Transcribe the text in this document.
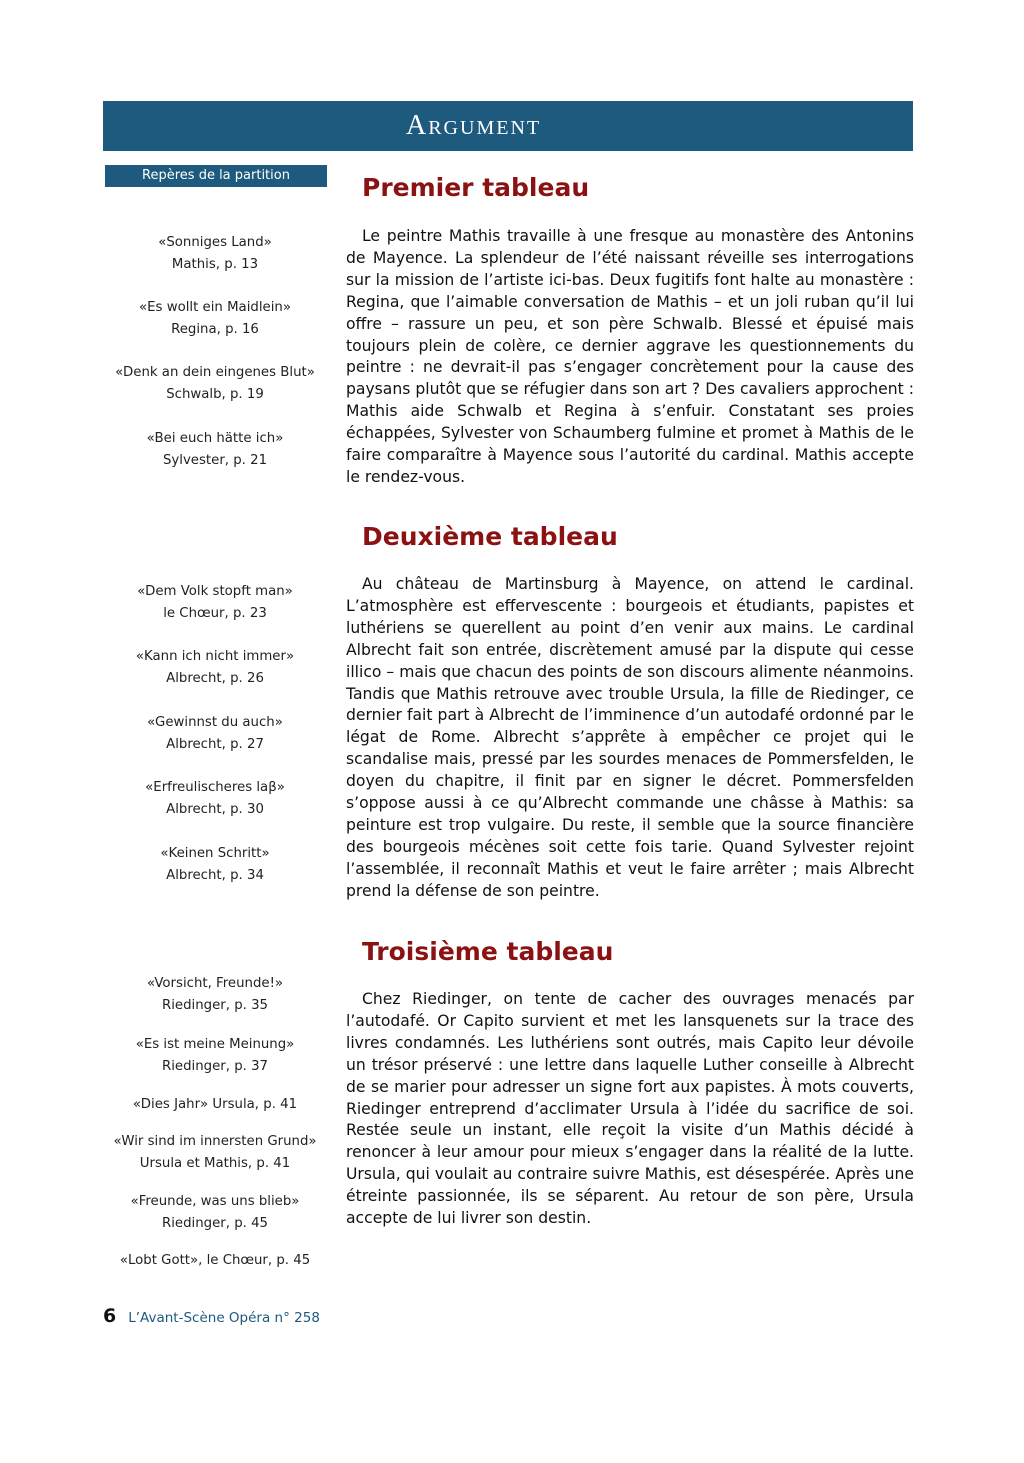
Argument
Repères de la partition
«Sonniges Land»
Mathis, p. 13
«Es wollt ein Maidlein»
Regina, p. 16
«Denk an dein eingenes Blut»
Schwalb, p. 19
«Bei euch hätte ich»
Sylvester, p. 21
«Dem Volk stopft man»
le Chœur, p. 23
«Kann ich nicht immer»
Albrecht, p. 26
«Gewinnst du auch»
Albrecht, p. 27
«Erfreulischeres laβ»
Albrecht, p. 30
«Keinen Schritt»
Albrecht, p. 34
«Vorsicht, Freunde!»
Riedinger, p. 35
«Es ist meine Meinung»
Riedinger, p. 37
«Dies Jahr» Ursula, p. 41
«Wir sind im innersten Grund»
Ursula et Mathis, p. 41
«Freunde, was uns blieb»
Riedinger, p. 45
«Lobt Gott», le Chœur, p. 45
Premier tableau

Le peintre Mathis travaille à une fresque au monastère des Antonins de Mayence. La splendeur de l’été naissant réveille ses interrogations sur la mission de l’artiste ici-bas. Deux fugitifs font halte au monastère : Regina, que l’aimable conversation de Mathis – et un joli ruban qu’il lui offre – rassure un peu, et son père Schwalb. Blessé et épuisé mais toujours plein de colère, ce dernier aggrave les questionnements du peintre : ne devrait-il pas s’engager concrètement pour la cause des paysans plutôt que se réfugier dans son art ? Des cavaliers approchent : Mathis aide Schwalb et Regina à s’enfuir. Constatant ses proies échappées, Sylvester von Schaumberg fulmine et promet à Mathis de le faire comparaître à Mayence sous l’autorité du cardinal. Mathis accepte le rendez-vous.

Deuxième tableau

Au château de Martinsburg à Mayence, on attend le cardinal. L’atmosphère est effervescente : bourgeois et étudiants, papistes et luthériens se querellent au point d’en venir aux mains. Le cardinal Albrecht fait son entrée, discrètement amusé par la dispute qui cesse illico – mais que chacun des points de son discours alimente néanmoins. Tandis que Mathis retrouve avec trouble Ursula, la fille de Riedinger, ce dernier fait part à Albrecht de l’imminence d’un autodafé ordonné par le légat de Rome. Albrecht s’apprête à empêcher ce projet qui le scandalise mais, pressé par les sourdes menaces de Pommersfelden, le doyen du chapitre, il finit par en signer le décret. Pommersfelden s’oppose aussi à ce qu’Albrecht commande une châsse à Mathis: sa peinture est trop vulgaire. Du reste, il semble que la source financière des bourgeois mécènes soit cette fois tarie. Quand Sylvester rejoint l’assemblée, il reconnaît Mathis et veut le faire arrêter ; mais Albrecht prend la défense de son peintre.

Troisième tableau

Chez Riedinger, on tente de cacher des ouvrages menacés par l’autodafé. Or Capito survient et met les lansquenets sur la trace des livres condamnés. Les luthériens sont outrés, mais Capito leur dévoile un trésor préservé : une lettre dans laquelle Luther conseille à Albrecht de se marier pour adresser un signe fort aux papistes. À mots couverts, Riedinger entreprend d’acclimater Ursula à l’idée du sacrifice de soi. Restée seule un instant, elle reçoit la visite d’un Mathis décidé à renoncer à leur amour pour mieux s’engager dans la réalité de la lutte. Ursula, qui voulait au contraire suivre Mathis, est désespérée. Après une étreinte passionnée, ils se séparent. Au retour de son père, Ursula accepte de lui livrer son destin.

6 L’Avant-Scène Opéra n° 258
